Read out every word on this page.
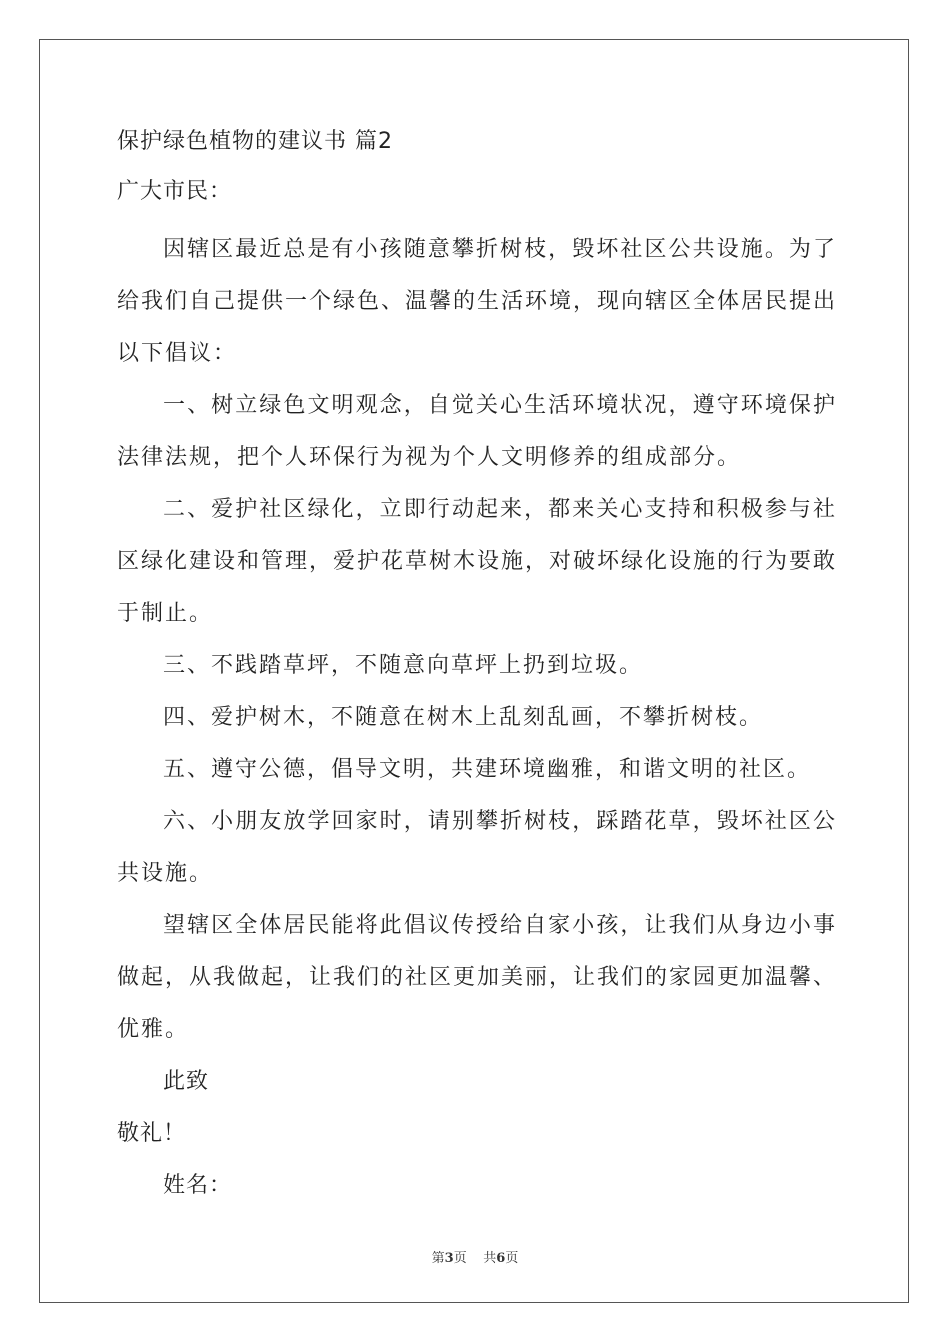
保护绿色植物的建议书 篇2
广大市民：

因辖区最近总是有小孩随意攀折树枝，毁坏社区公共设施。为了给我们自己提供一个绿色、温馨的生活环境，现向辖区全体居民提出以下倡议：

一、树立绿色文明观念，自觉关心生活环境状况，遵守环境保护法律法规，把个人环保行为视为个人文明修养的组成部分。

二、爱护社区绿化，立即行动起来，都来关心支持和积极参与社区绿化建设和管理，爱护花草树木设施，对破坏绿化设施的行为要敢于制止。

三、不践踏草坪，不随意向草坪上扔到垃圾。

四、爱护树木，不随意在树木上乱刻乱画，不攀折树枝。

五、遵守公德，倡导文明，共建环境幽雅，和谐文明的社区。

六、小朋友放学回家时，请别攀折树枝，踩踏花草，毁坏社区公共设施。

望辖区全体居民能将此倡议传授给自家小孩，让我们从身边小事做起，从我做起，让我们的社区更加美丽，让我们的家园更加温馨、优雅。

此致

敬礼！

姓名：

第3页 共6页
